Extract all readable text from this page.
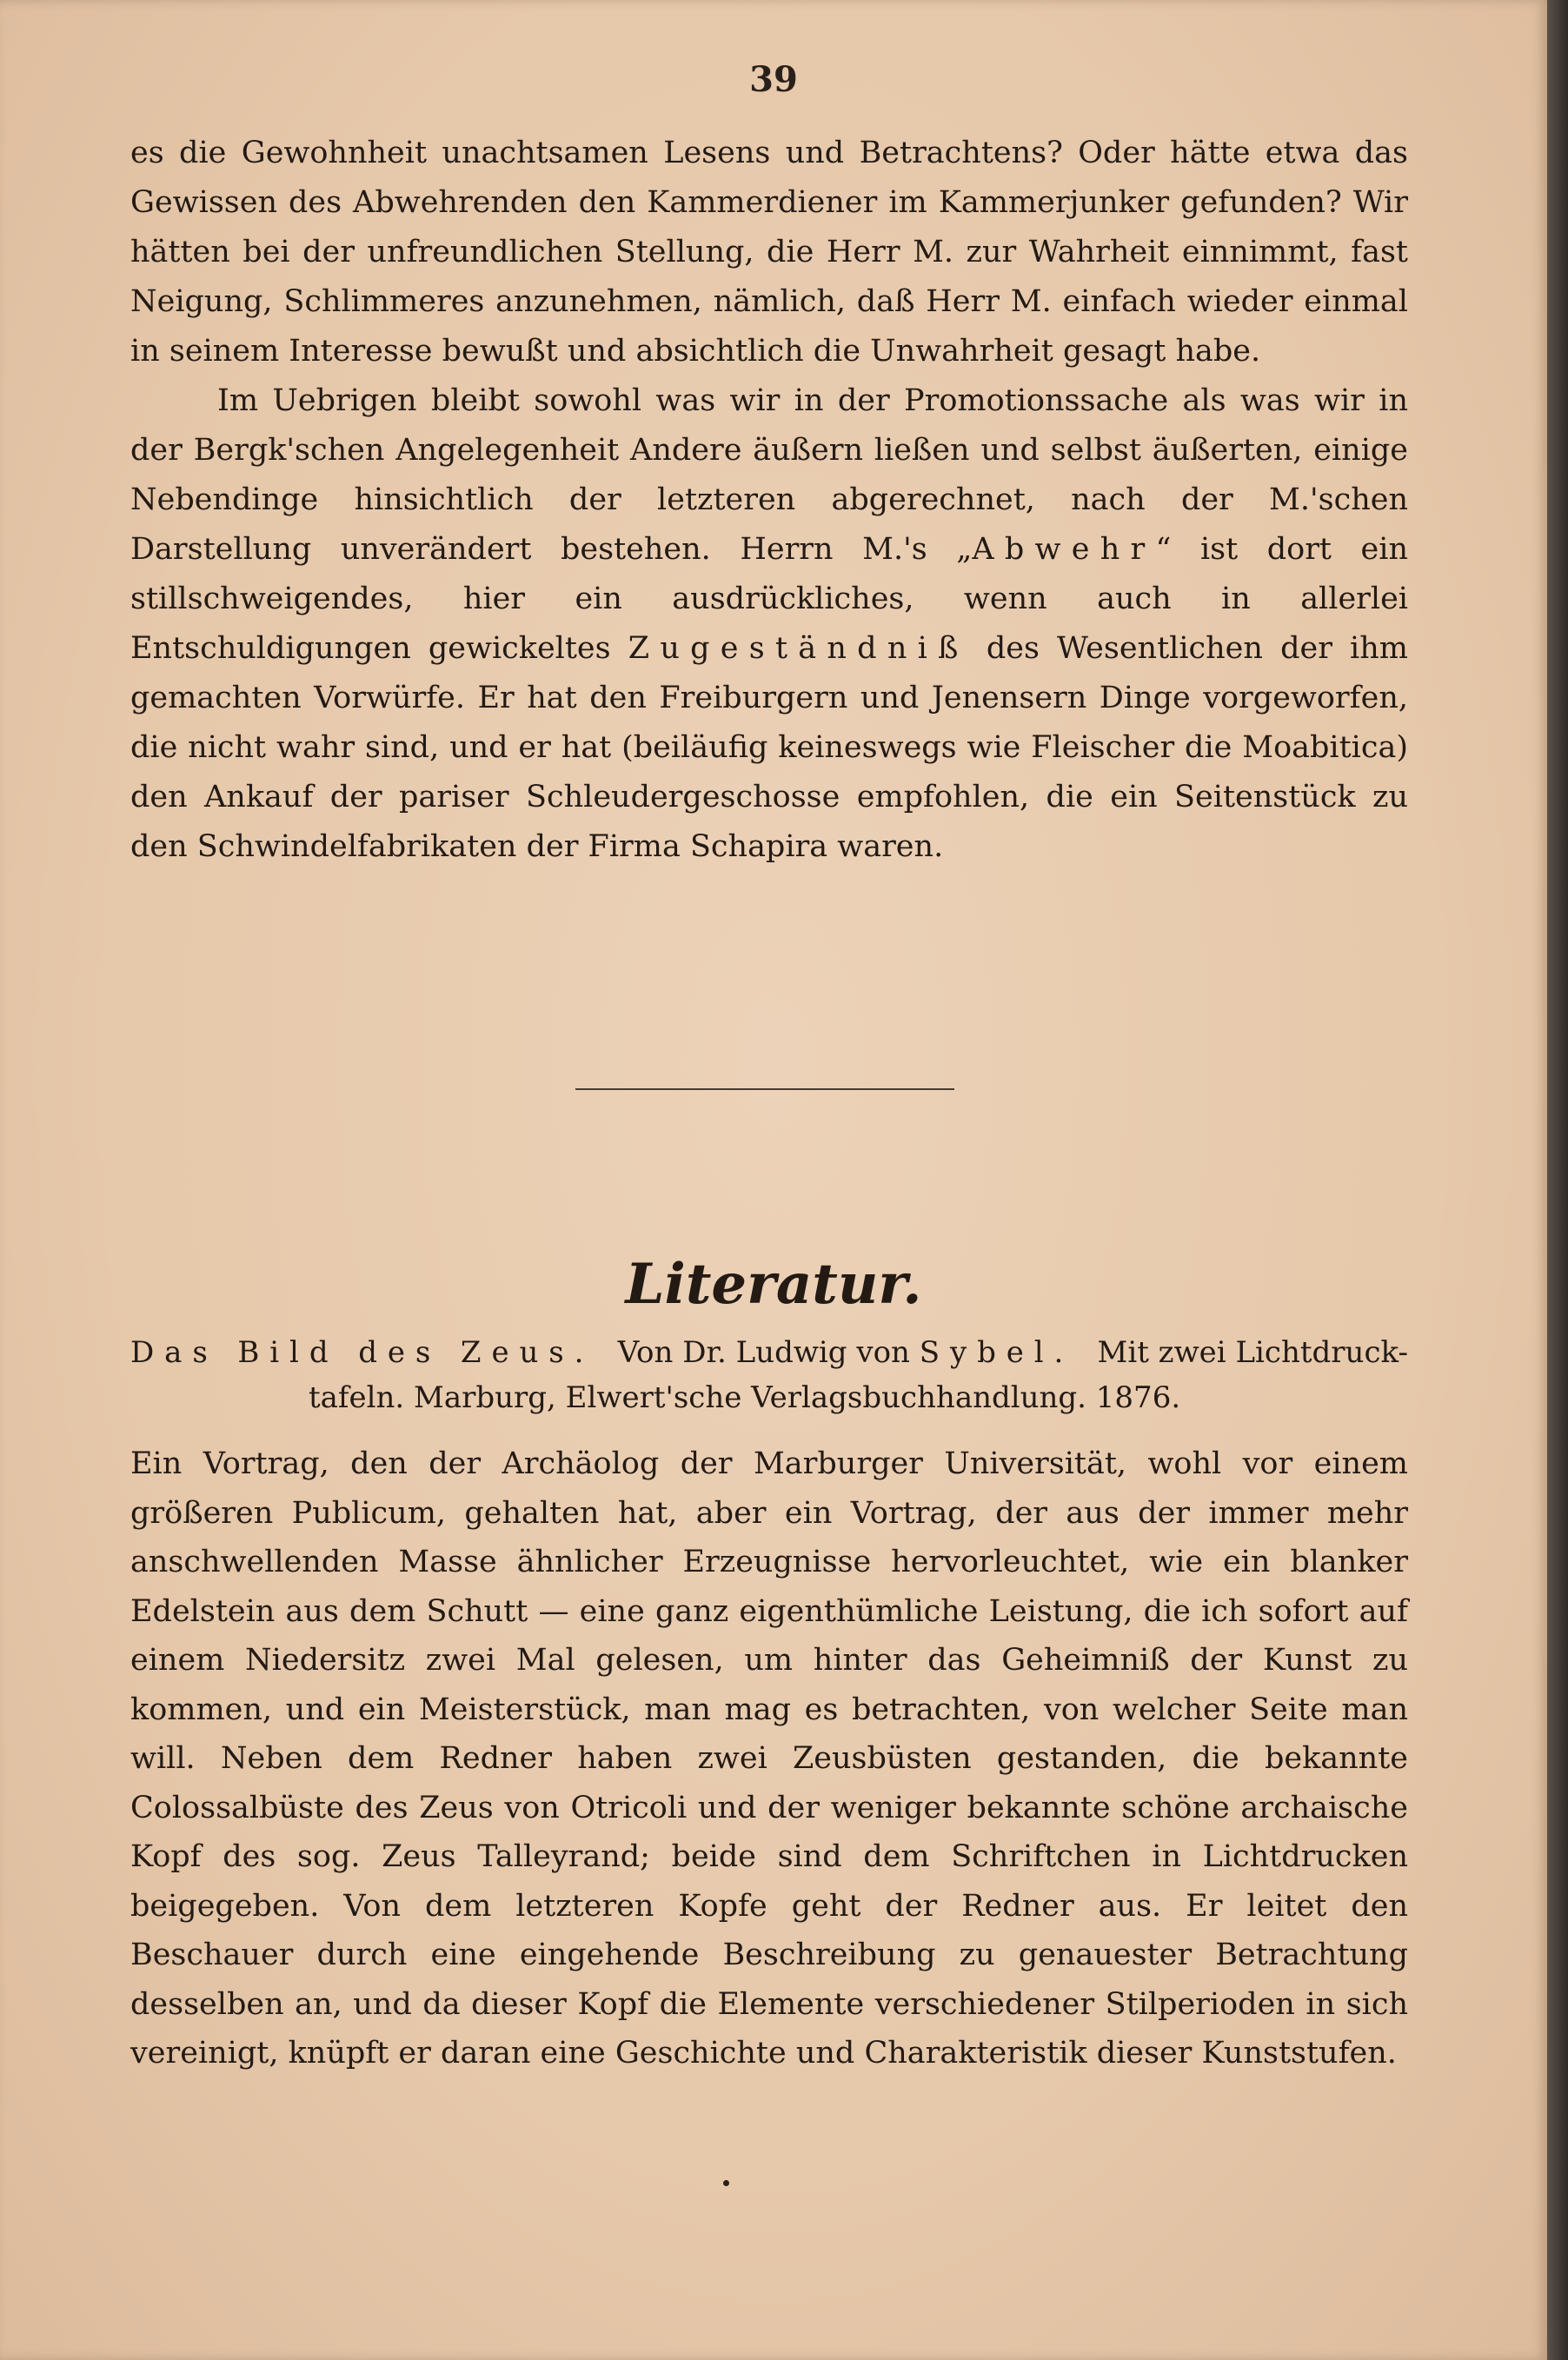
39

es die Gewohnheit unachtsamen Lesens und Betrachtens? Oder hätte etwa das Gewissen des Abwehrenden den Kammerdiener im Kammerjunker gefunden? Wir hätten bei der unfreundlichen Stellung, die Herr M. zur Wahrheit einnimmt, fast Neigung, Schlimmeres anzunehmen, nämlich, daß Herr M. einfach wieder einmal in seinem Interesse bewußt und absichtlich die Unwahrheit gesagt habe.

Im Uebrigen bleibt sowohl was wir in der Promotionssache als was wir in der Bergk'schen Angelegenheit Andere äußern ließen und selbst äußerten, einige Nebendinge hinsichtlich der letzteren abgerechnet, nach der M.'schen Darstellung unverändert bestehen. Herrn M.'s „Abwehr“ ist dort ein stillschweigendes, hier ein ausdrückliches, wenn auch in allerlei Entschuldigungen gewickeltes Zugeständniß des Wesentlichen der ihm gemachten Vorwürfe. Er hat den Freiburgern und Jenensern Dinge vorgeworfen, die nicht wahr sind, und er hat (beiläufig keineswegs wie Fleischer die Moabitica) den Ankauf der pariser Schleudergeschosse empfohlen, die ein Seitenstück zu den Schwindelfabrikaten der Firma Schapira waren.

Literatur.
Das Bild des Zeus. Von Dr. Ludwig von Sybel. Mit zwei Lichtdruck-
tafeln. Marburg, Elwert'sche Verlagsbuchhandlung. 1876.

Ein Vortrag, den der Archäolog der Marburger Universität, wohl vor einem größeren Publicum, gehalten hat, aber ein Vortrag, der aus der immer mehr anschwellenden Masse ähnlicher Erzeugnisse hervorleuchtet, wie ein blanker Edelstein aus dem Schutt — eine ganz eigenthümliche Leistung, die ich sofort auf einem Niedersitz zwei Mal gelesen, um hinter das Geheimniß der Kunst zu kommen, und ein Meisterstück, man mag es betrachten, von welcher Seite man will. Neben dem Redner haben zwei Zeusbüsten gestanden, die bekannte Colossalbüste des Zeus von Otricoli und der weniger bekannte schöne archaische Kopf des sog. Zeus Talleyrand; beide sind dem Schriftchen in Lichtdrucken beigegeben. Von dem letzteren Kopfe geht der Redner aus. Er leitet den Beschauer durch eine eingehende Beschreibung zu genauester Betrachtung desselben an, und da dieser Kopf die Elemente verschiedener Stilperioden in sich vereinigt, knüpft er daran eine Geschichte und Charakteristik dieser Kunststufen.
